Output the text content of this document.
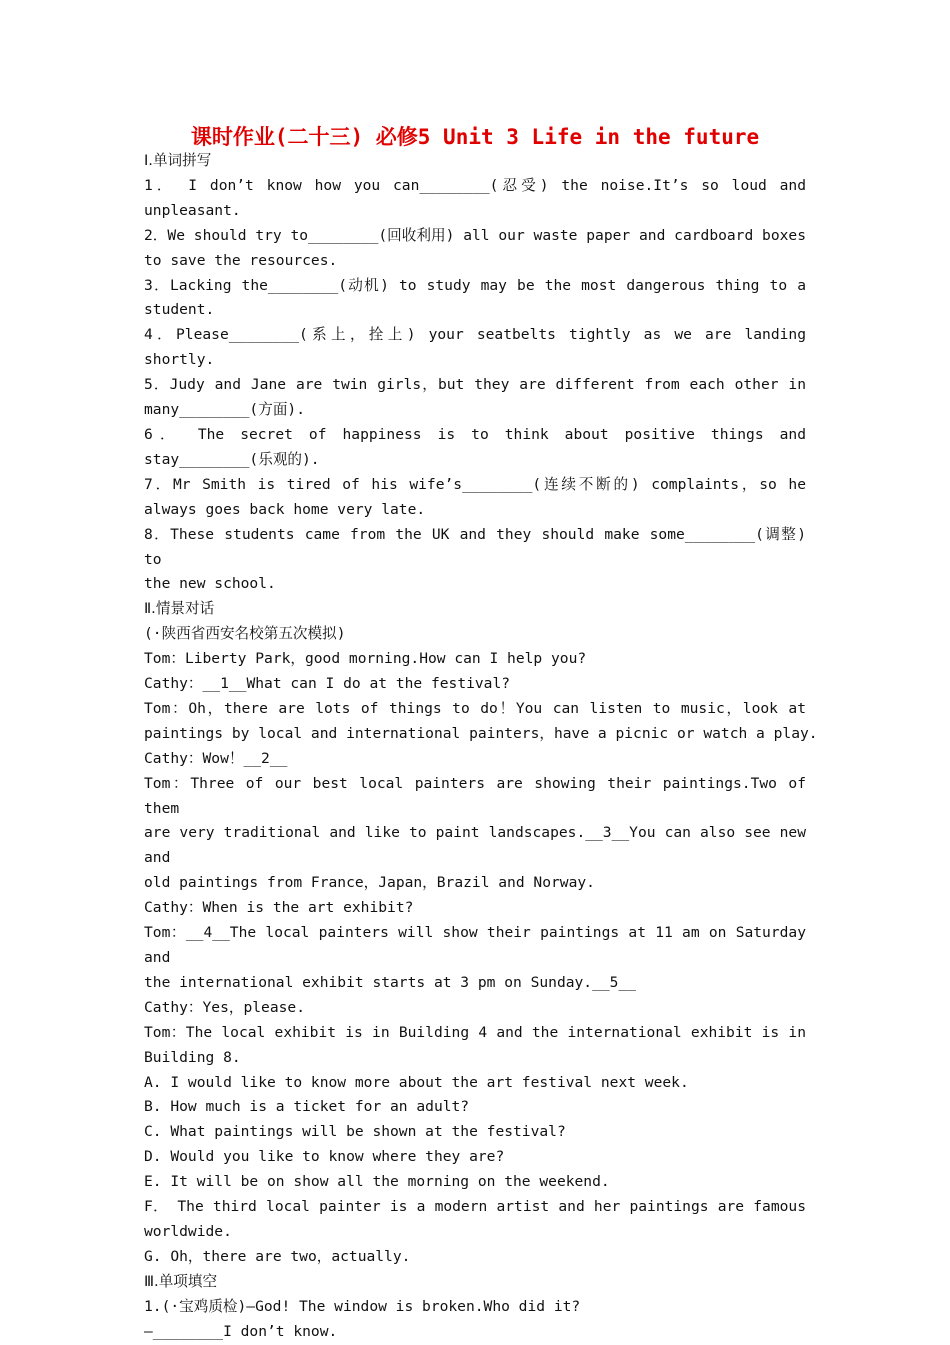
课时作业(二十三) 必修5 Unit 3 Life in the future
Ⅰ.单词拼写
1． I don’t know how you can________(忍受) the noise.It’s so loud and
unpleasant.
2．We should try to________(回收利用) all our waste paper and cardboard boxes
to save the resources.
3．Lacking the________(动机) to study may be the most dangerous thing to a
student.
4．Please________(系上，拴上) your seatbelts tightly as we are landing shortly.
5．Judy and Jane are twin girls，but they are different from each other in
many________(方面).
6． The secret of happiness is to think about positive things and
stay________(乐观的).
7．Mr Smith is tired of his wife’s________(连续不断的) complaints，so he
always goes back home very late.
8．These students came from the UK and they should make some________(调整) to
the new school.
Ⅱ.情景对话
(·陕西省西安名校第五次模拟)
Tom：Liberty Park，good morning.How can I help you?
Cathy：__1__What can I do at the festival?
Tom：Oh，there are lots of things to do！You can listen to music，look at
paintings by local and international painters，have a picnic or watch a play.
Cathy：Wow！__2__
Tom：Three of our best local painters are showing their paintings.Two of them
are very traditional and like to paint landscapes.__3__You can also see new and
old paintings from France，Japan，Brazil and Norway.
Cathy：When is the art exhibit?
Tom：__4__The local painters will show their paintings at 11 am on Saturday and
the international exhibit starts at 3 pm on Sunday.__5__
Cathy：Yes，please.
Tom：The local exhibit is in Building 4 and the international exhibit is in
Building 8.
A. I would like to know more about the art festival next week.
B. How much is a ticket for an adult?
C. What paintings will be shown at the festival?
D. Would you like to know where they are?
E. It will be on show all the morning on the weekend.
F． The third local painter is a modern artist and her paintings are famous
worldwide.
G. Oh，there are two，actually.
Ⅲ.单项填空
1.(·宝鸡质检)—God! The window is broken.Who did it?
—________I don’t know.
